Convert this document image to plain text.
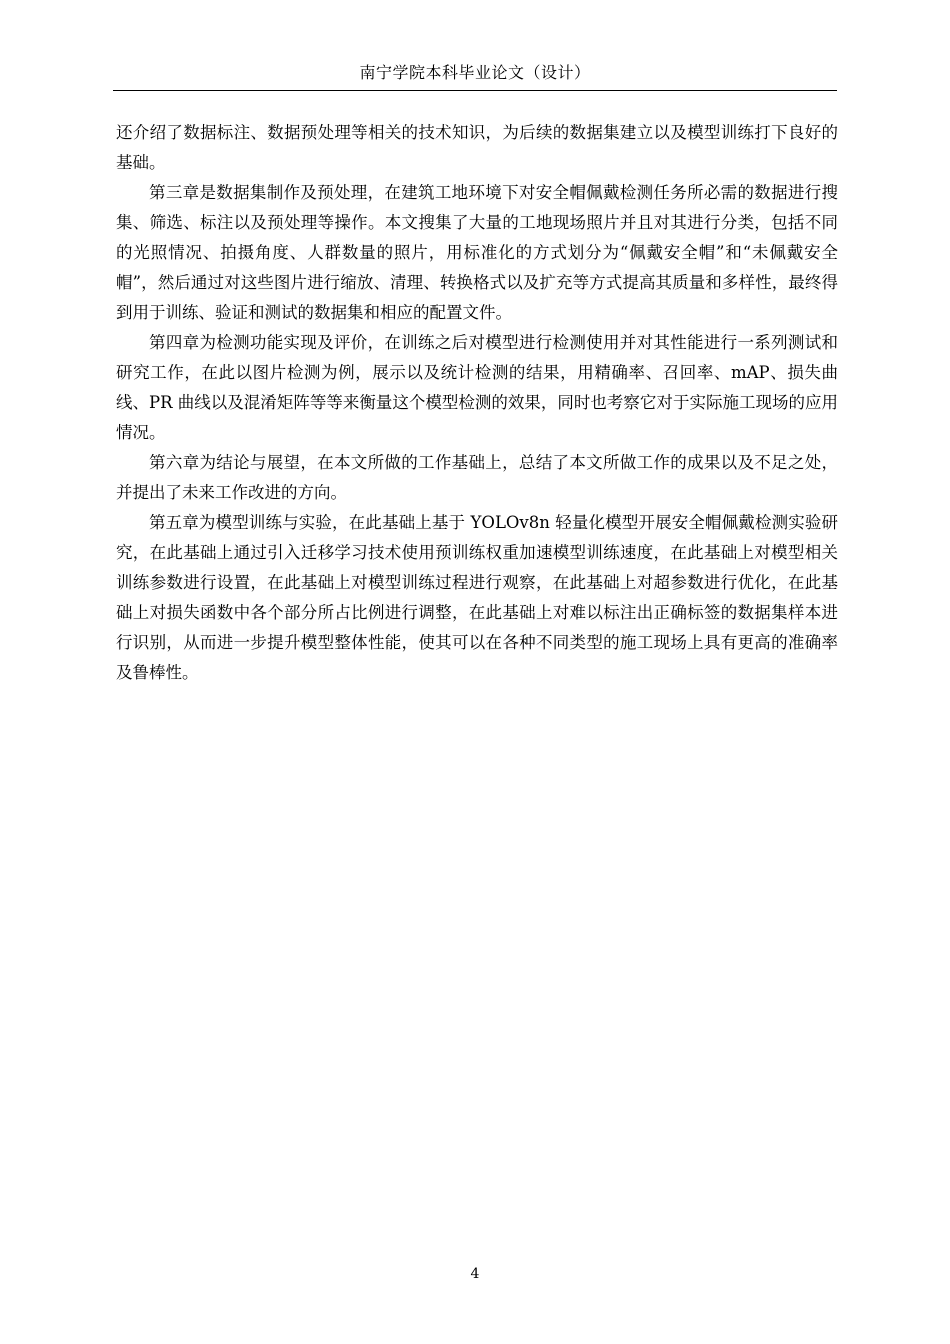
南宁学院本科毕业论文（设计）

还介绍了数据标注、数据预处理等相关的技术知识，为后续的数据集建立以及模型训练打下良好的基础。

第三章是数据集制作及预处理，在建筑工地环境下对安全帽佩戴检测任务所必需的数据进行搜集、筛选、标注以及预处理等操作。本文搜集了大量的工地现场照片并且对其进行分类，包括不同的光照情况、拍摄角度、人群数量的照片，用标准化的方式划分为“佩戴安全帽”和“未佩戴安全帽”，然后通过对这些图片进行缩放、清理、转换格式以及扩充等方式提高其质量和多样性，最终得到用于训练、验证和测试的数据集和相应的配置文件。

第四章为检测功能实现及评价，在训练之后对模型进行检测使用并对其性能进行一系列测试和研究工作，在此以图片检测为例，展示以及统计检测的结果，用精确率、召回率、mAP、损失曲线、PR 曲线以及混淆矩阵等等来衡量这个模型检测的效果，同时也考察它对于实际施工现场的应用情况。

第六章为结论与展望，在本文所做的工作基础上，总结了本文所做工作的成果以及不足之处，并提出了未来工作改进的方向。

第五章为模型训练与实验，在此基础上基于 YOLOv8n 轻量化模型开展安全帽佩戴检测实验研究，在此基础上通过引入迁移学习技术使用预训练权重加速模型训练速度，在此基础上对模型相关训练参数进行设置，在此基础上对模型训练过程进行观察，在此基础上对超参数进行优化，在此基础上对损失函数中各个部分所占比例进行调整，在此基础上对难以标注出正确标签的数据集样本进行识别，从而进一步提升模型整体性能，使其可以在各种不同类型的施工现场上具有更高的准确率及鲁棒性。

4
